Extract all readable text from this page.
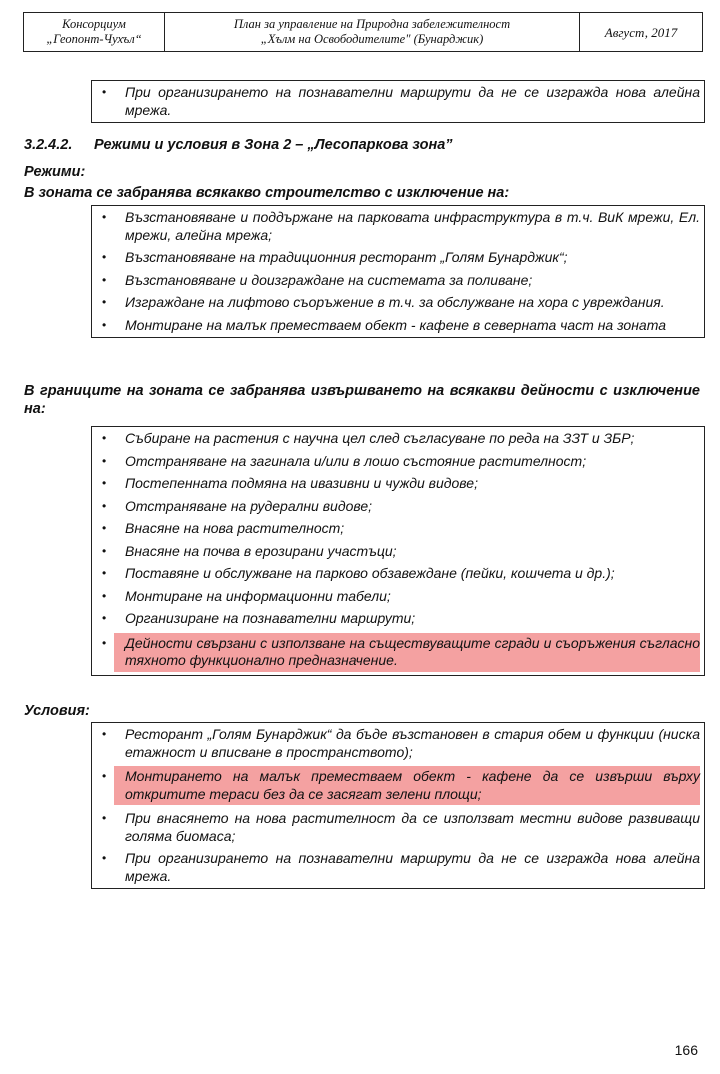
Консорциум
„Геопонт-Чухъл“
План за управление на Природна забележителност
„Хълм на Освободителите" (Бунарджик)	Август, 2017
• При организирането на познавателни маршрути да не се изгражда нова алейна мрежа.
3.2.4.2. Режими и условия в Зона 2 – „Лесопаркова зона”
Режими:
В зоната се забранява всякакво строителство с изключение на:
• Възстановяване и поддържане на парковата инфраструктура в т.ч. ВиК мрежи, Ел. мрежи, алейна мрежа;
• Възстановяване на традиционния ресторант „Голям Бунарджик“;
• Възстановяване и доизграждане на системата за поливане;
• Изграждане на лифтово съоръжение в т.ч. за обслужване на хора с увреждания.
• Монтиране на малък преместваем обект - кафене в северната част на зоната
В границите на зоната се забранява извършването на всякакви дейности с изключение на:
• Събиране на растения с научна цел след съгласуване по реда на ЗЗТ и ЗБР;
• Отстраняване на загинала и/или в лошо състояние растителност;
• Постепенната подмяна на ивазивни и чужди видове;
• Отстраняване на рудерални видове;
• Внасяне на нова растителност;
• Внасяне на почва в ерозирани участъци;
• Поставяне и обслужване на парково обзавеждане (пейки, кошчета и др.);
• Монтиране на информационни табели;
• Организиране на познавателни маршрути;
• Дейности свързани с използване на съществуващите сгради и съоръжения съгласно тяхното функционално предназначение.
Условия:
• Ресторант „Голям Бунарджик“ да бъде възстановен в стария обем и функции (ниска етажност и вписване в пространството);
• Монтирането на малък преместваем обект - кафене да се извърши върху откритите тераси без да се засягат зелени площи;
• При внасянето на нова растителност да се използват местни видове развиващи голяма биомаса;
• При организирането на познавателни маршрути да не се изгражда нова алейна мрежа.
166
